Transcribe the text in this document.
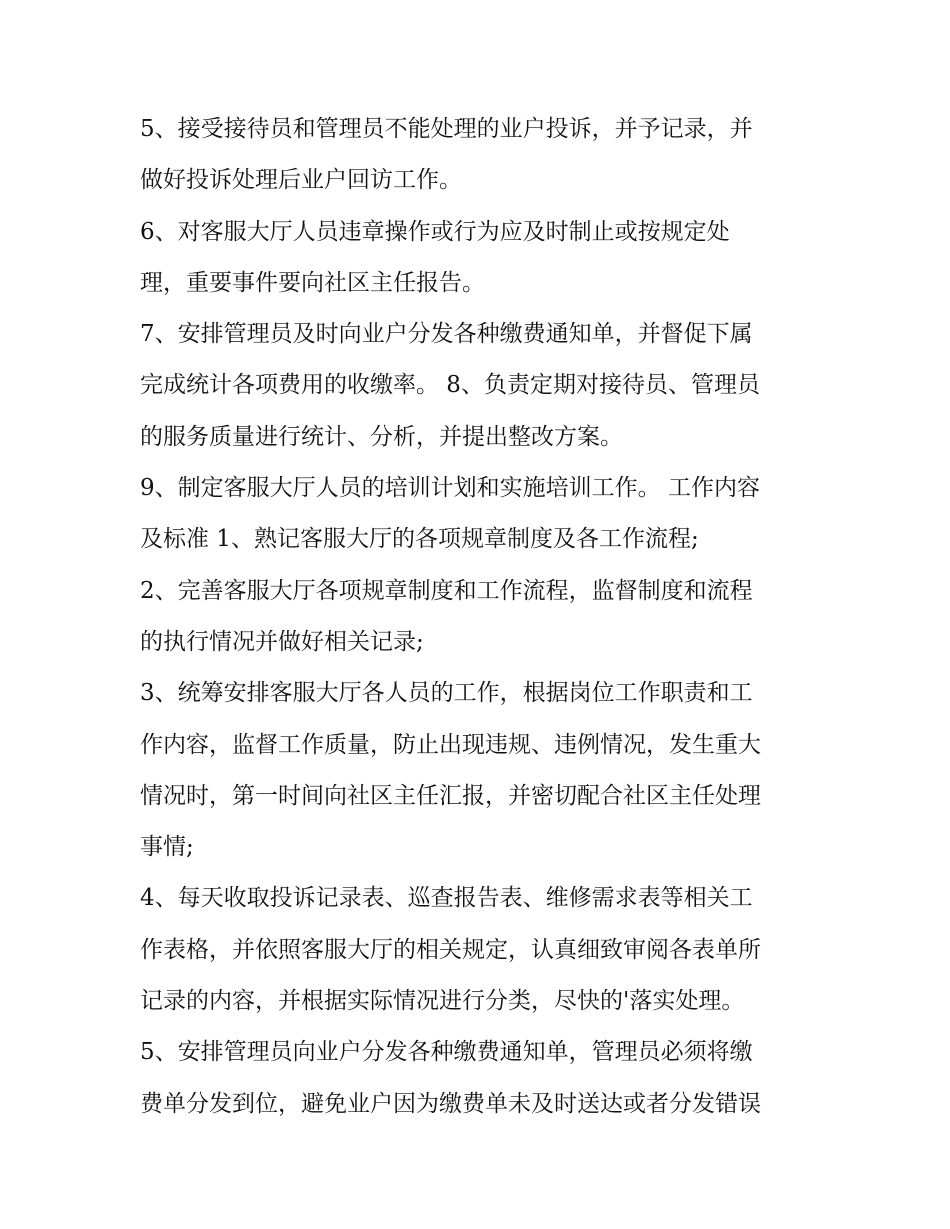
5、接受接待员和管理员不能处理的业户投诉，并予记录，并
做好投诉处理后业户回访工作。
6、对客服大厅人员违章操作或行为应及时制止或按规定处
理，重要事件要向社区主任报告。
7、安排管理员及时向业户分发各种缴费通知单，并督促下属
完成统计各项费用的收缴率。 8、负责定期对接待员、管理员
的服务质量进行统计、分析，并提出整改方案。
9、制定客服大厅人员的培训计划和实施培训工作。 工作内容
及标准 1、熟记客服大厅的各项规章制度及各工作流程;
2、完善客服大厅各项规章制度和工作流程，监督制度和流程
的执行情况并做好相关记录;
3、统筹安排客服大厅各人员的工作，根据岗位工作职责和工
作内容，监督工作质量，防止出现违规、违例情况，发生重大
情况时，第一时间向社区主任汇报，并密切配合社区主任处理
事情;
4、每天收取投诉记录表、巡查报告表、维修需求表等相关工
作表格，并依照客服大厅的相关规定，认真细致审阅各表单所
记录的内容，并根据实际情况进行分类，尽快的'落实处理。
5、安排管理员向业户分发各种缴费通知单，管理员必须将缴
费单分发到位，避免业户因为缴费单未及时送达或者分发错误
